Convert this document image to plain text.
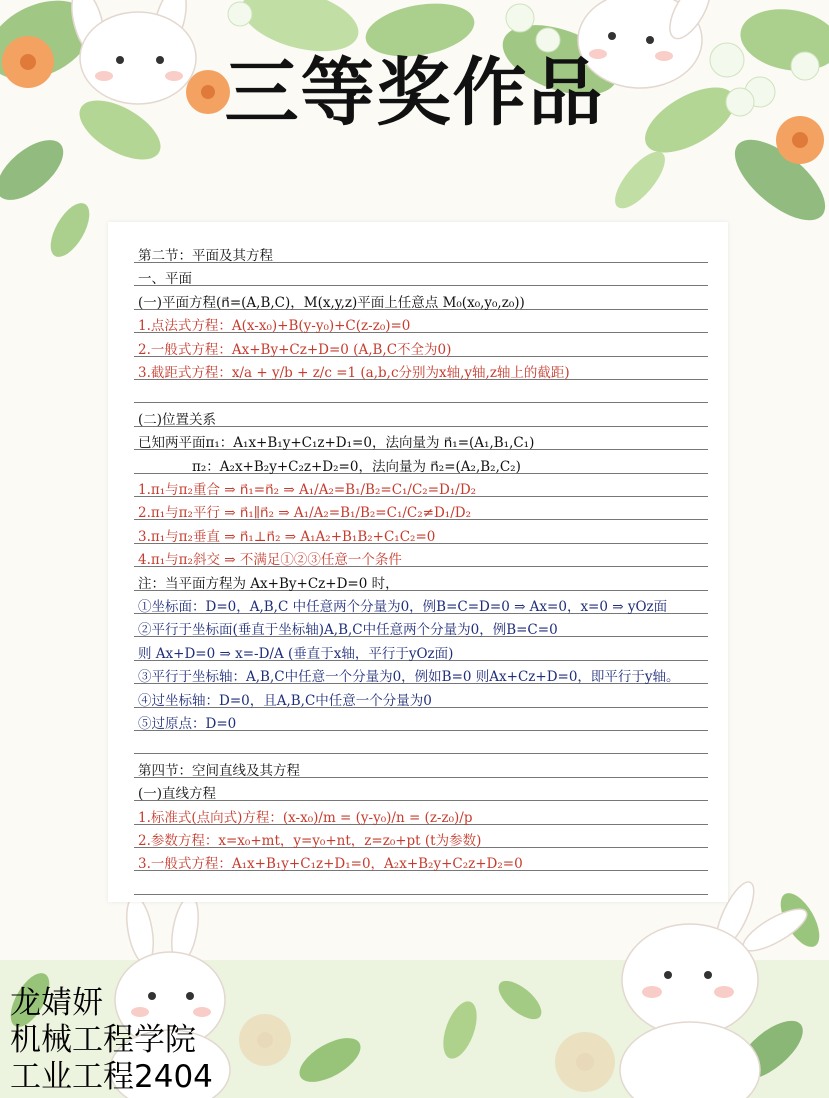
三等奖作品
第二节：平面及其方程
一、平面
(一)平面方程(n⃗=(A,B,C)，M(x,y,z)平面上任意点 M₀(x₀,y₀,z₀))
1.点法式方程：A(x-x₀)+B(y-y₀)+C(z-z₀)=0
2.一般式方程：Ax+By+Cz+D=0 (A,B,C不全为0)
3.截距式方程：x/a + y/b + z/c =1 (a,b,c分别为x轴,y轴,z轴上的截距)
(二)位置关系
已知两平面π₁：A₁x+B₁y+C₁z+D₁=0，法向量为 n⃗₁=(A₁,B₁,C₁)
　　　　π₂：A₂x+B₂y+C₂z+D₂=0，法向量为 n⃗₂=(A₂,B₂,C₂)
1.π₁与π₂重合 ⇒ n⃗₁=n⃗₂ ⇒ A₁/A₂=B₁/B₂=C₁/C₂=D₁/D₂
2.π₁与π₂平行 ⇒ n⃗₁∥n⃗₂ ⇒ A₁/A₂=B₁/B₂=C₁/C₂≠D₁/D₂
3.π₁与π₂垂直 ⇒ n⃗₁⊥n⃗₂ ⇒ A₁A₂+B₁B₂+C₁C₂=0
4.π₁与π₂斜交 ⇒ 不满足①②③任意一个条件
注：当平面方程为 Ax+By+Cz+D=0 时，
①坐标面：D=0，A,B,C 中任意两个分量为0，例B=C=D=0 ⇒ Ax=0，x=0 ⇒ yOz面
②平行于坐标面(垂直于坐标轴)A,B,C中任意两个分量为0，例B=C=0
则 Ax+D=0 ⇒ x=-D/A (垂直于x轴，平行于yOz面)
③平行于坐标轴：A,B,C中任意一个分量为0，例如B=0 则Ax+Cz+D=0，即平行于y轴。
④过坐标轴：D=0，且A,B,C中任意一个分量为0
⑤过原点：D=0
第四节：空间直线及其方程
(一)直线方程
1.标准式(点向式)方程：(x-x₀)/m = (y-y₀)/n = (z-z₀)/p
2.参数方程：x=x₀+mt，y=y₀+nt，z=z₀+pt (t为参数)
3.一般式方程：A₁x+B₁y+C₁z+D₁=0，A₂x+B₂y+C₂z+D₂=0
龙婧妍
机械工程学院
工业工程2404
